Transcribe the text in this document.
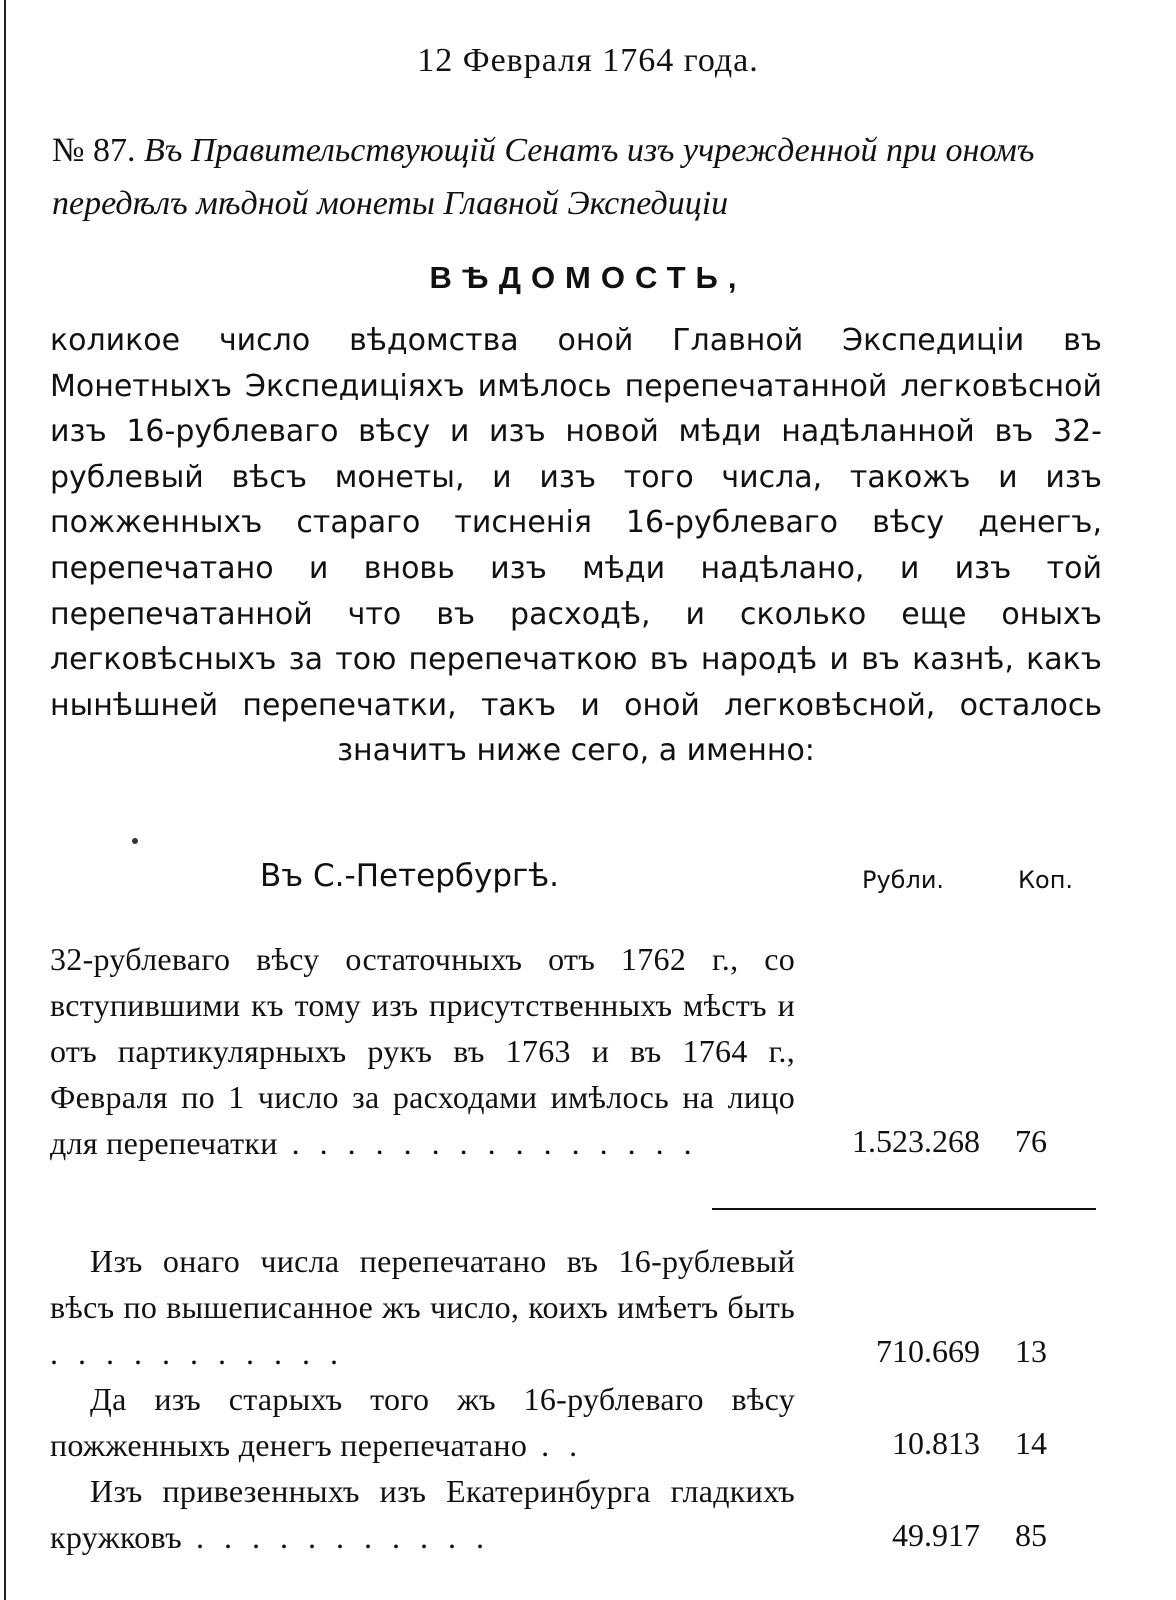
12 Февраля 1764 года.
№ 87. Въ Правительствующій Сенатъ изъ учрежденной при ономъ передѣлъ мѣдной монеты Главной Экспедиціи
ВѢДОМОСТЬ,
коликое число вѣдомства оной Главной Экспедиціи въ Монетныхъ Экспедиціяхъ имѣлось перепечатанной легковѣсной изъ 16-рублеваго вѣсу и изъ новой мѣди надѣланной въ 32-рублевый вѣсъ монеты, и изъ того числа, такожъ и изъ пожженныхъ стараго тисненія 16-рублеваго вѣсу денегъ, перепечатано и вновь изъ мѣди надѣлано, и изъ той перепечатанной что въ расходѣ, и сколько еще оныхъ легковѣсныхъ за тою перепечаткою въ народѣ и въ казнѣ, какъ нынѣшней перепечатки, такъ и оной легковѣсной, осталось значитъ ниже сего, а именно:
Въ С.-Петербургѣ.	Рубли.	Коп.
32-рублеваго вѣсу остаточныхъ отъ 1762 г., со вступившими къ тому изъ присутственныхъ мѣстъ и отъ партикулярныхъ рукъ въ 1763 и въ 1764 г., Февраля по 1 число за расходами имѣлось на лицо для перепечатки . . . . . . . . . . . . . . .	1.523.268 76
Изъ онаго числа перепечатано въ 16-рублевый вѣсъ по вышеписанное жъ число, коихъ имѣетъ быть . . . . . . . . . . .	710.669 13
Да изъ старыхъ того жъ 16-рублеваго вѣсу пожженныхъ денегъ перепечатано . .	10.813 14
Изъ привезенныхъ изъ Екатеринбурга гладкихъ кружковъ . . . . . . . . . . .	49.917 85
